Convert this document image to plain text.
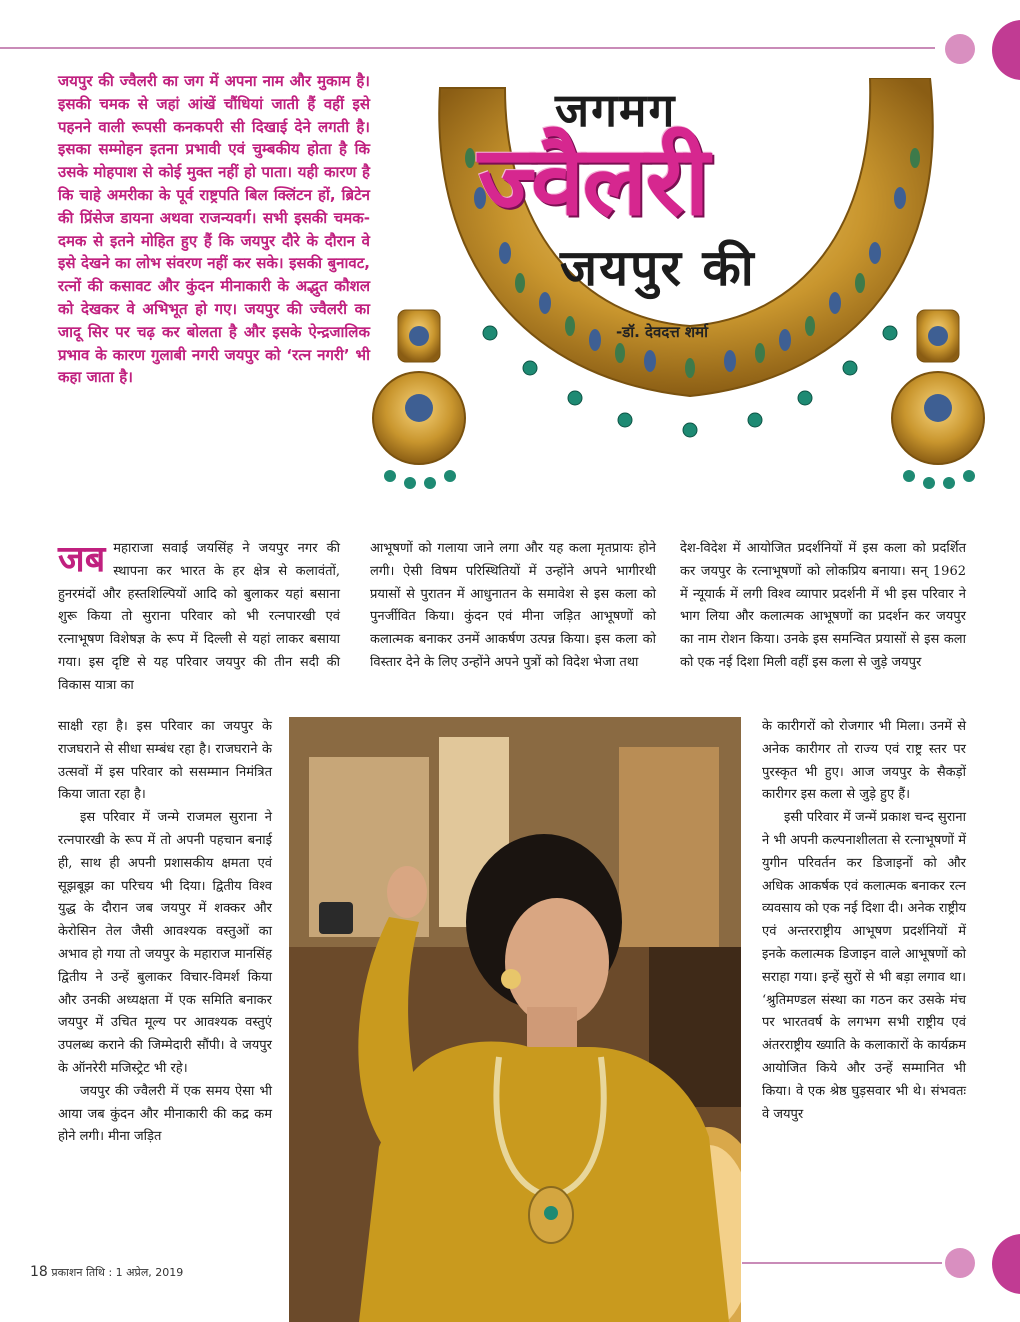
जयपुर की ज्वैलरी का जग में अपना नाम और मुकाम है। इसकी चमक से जहां आंखें चौंधियां जाती हैं वहीं इसे पहनने वाली रूपसी कनकपरी सी दिखाई देने लगती है। इसका सम्मोहन इतना प्रभावी एवं चुम्बकीय होता है कि उसके मोहपाश से कोई मुक्त नहीं हो पाता। यही कारण है कि चाहे अमरीका के पूर्व राष्ट्रपति बिल क्लिंटन हों, ब्रिटेन की प्रिंसेज डायना अथवा राजन्यवर्ग। सभी इसकी चमक-दमक से इतने मोहित हुए हैं कि जयपुर दौरे के दौरान वे इसे देखने का लोभ संवरण नहीं कर सके। इसकी बुनावट, रत्नों की कसावट और कुंदन मीनाकारी के अद्भुत कौशल को देखकर वे अभिभूत हो गए। जयपुर की ज्वैलरी का जादू सिर पर चढ़ कर बोलता है और इसके ऐन्द्रजालिक प्रभाव के कारण गुलाबी नगरी जयपुर को ‘रत्न नगरी’ भी कहा जाता है।

ज्वैलरी
जगमग
जयपुर की
-डॉ. देवदत्त शर्मा

जब महाराजा सवाई जयसिंह ने जयपुर नगर की स्थापना कर भारत के हर क्षेत्र से कलावंतों, हुनरमंदों और हस्तशिल्पियों आदि को बुलाकर यहां बसाना शुरू किया तो सुराना परिवार को भी रत्नपारखी एवं रत्नाभूषण विशेषज्ञ के रूप में दिल्ली से यहां लाकर बसाया गया। इस दृष्टि से यह परिवार जयपुर की तीन सदी की विकास यात्रा का

साक्षी रहा है। इस परिवार का जयपुर के राजघराने से सीधा सम्बंध रहा है। राजघराने के उत्सवों में इस परिवार को ससम्मान निमंत्रित किया जाता रहा है।

इस परिवार में जन्मे राजमल सुराना ने रत्नपारखी के रूप में तो अपनी पहचान बनाई ही, साथ ही अपनी प्रशासकीय क्षमता एवं सूझबूझ का परिचय भी दिया। द्वितीय विश्व युद्ध के दौरान जब जयपुर में शक्कर और केरोसिन तेल जैसी आवश्यक वस्तुओं का अभाव हो गया तो जयपुर के महाराज मानसिंह द्वितीय ने उन्हें बुलाकर विचार-विमर्श किया और उनकी अध्यक्षता में एक समिति बनाकर जयपुर में उचित मूल्य पर आवश्यक वस्तुएं उपलब्ध कराने की जिम्मेदारी सौंपी। वे जयपुर के ऑनरेरी मजिस्ट्रेट भी रहे।

जयपुर की ज्वैलरी में एक समय ऐसा भी आया जब कुंदन और मीनाकारी की कद्र कम होने लगी। मीना जड़ित

आभूषणों को गलाया जाने लगा और यह कला मृतप्रायः होने लगी। ऐसी विषम परिस्थितियों में उन्होंने अपने भागीरथी प्रयासों से पुरातन में आधुनातन के समावेश से इस कला को पुनर्जीवित किया। कुंदन एवं मीना जड़ित आभूषणों को कलात्मक बनाकर उनमें आकर्षण उत्पन्न किया। इस कला को विस्तार देने के लिए उन्होंने अपने पुत्रों को विदेश भेजा तथा

देश-विदेश में आयोजित प्रदर्शनियों में इस कला को प्रदर्शित कर जयपुर के रत्नाभूषणों को लोकप्रिय बनाया। सन् 1962 में न्यूयार्क में लगी विश्व व्यापार प्रदर्शनी में भी इस परिवार ने भाग लिया और कलात्मक आभूषणों का प्रदर्शन कर जयपुर का नाम रोशन किया। उनके इस समन्वित प्रयासों से इस कला को एक नई दिशा मिली वहीं इस कला से जुड़े जयपुर

के कारीगरों को रोजगार भी मिला। उनमें से अनेक कारीगर तो राज्य एवं राष्ट्र स्तर पर पुरस्कृत भी हुए। आज जयपुर के सैकड़ों कारीगर इस कला से जुड़े हुए हैं।

इसी परिवार में जन्में प्रकाश चन्द सुराना ने भी अपनी कल्पनाशीलता से रत्नाभूषणों में युगीन परिवर्तन कर डिजाइनों को और अधिक आकर्षक एवं कलात्मक बनाकर रत्न व्यवसाय को एक नई दिशा दी। अनेक राष्ट्रीय एवं अन्तरराष्ट्रीय आभूषण प्रदर्शनियों में इनके कलात्मक डिजाइन वाले आभूषणों को सराहा गया। इन्हें सुरों से भी बड़ा लगाव था। ‘श्रुतिमण्डल संस्था का गठन कर उसके मंच पर भारतवर्ष के लगभग सभी राष्ट्रीय एवं अंतरराष्ट्रीय ख्याति के कलाकारों के कार्यक्रम आयोजित किये और उन्हें सम्मानित भी किया। वे एक श्रेष्ठ घुड़सवार भी थे। संभवतः वे जयपुर

18 प्रकाशन तिथि : 1 अप्रेल, 2019
